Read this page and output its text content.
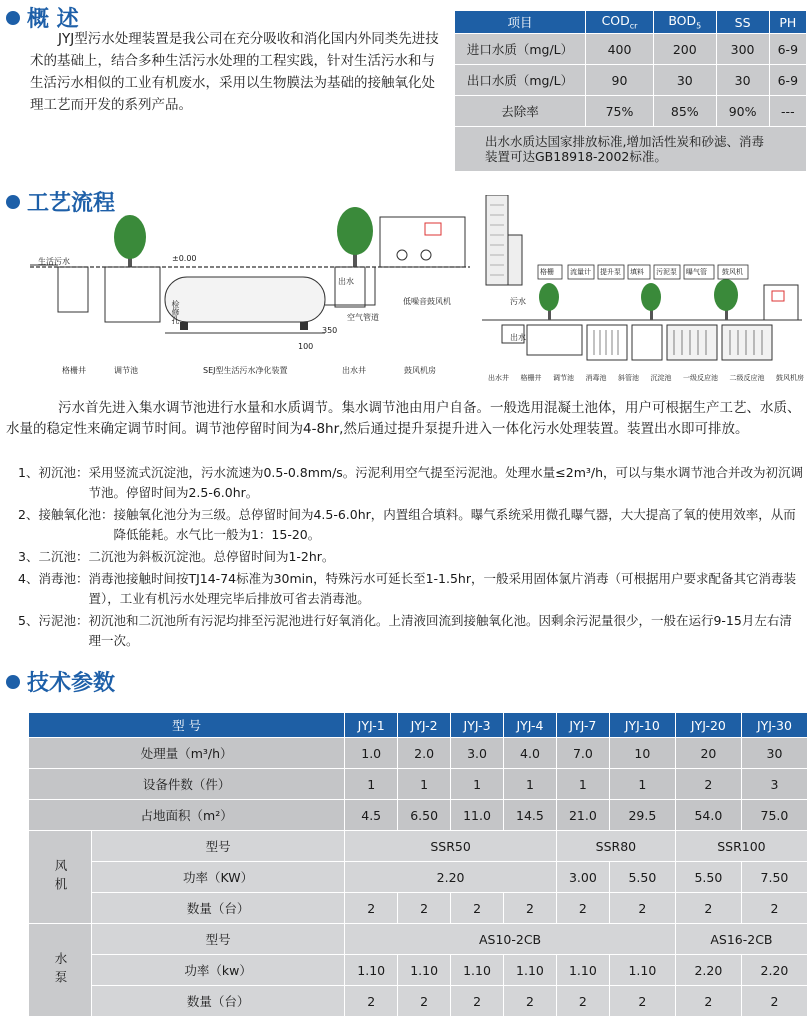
概 述
JYJ型污水处理装置是我公司在充分吸收和消化国内外同类先进技术的基础上，结合多种生活污水处理的工程实践，针对生活污水和与生活污水相似的工业有机废水，采用以生物膜法为基础的接触氧化处理工艺而开发的系列产品。
项目	$COD_{cr}$	$BOD_5$	SS	PH
进口水质（mg/L）	400	200	300	6-9
出口水质（mg/L）	90	30	30	6-9
去除率	75%	85%	90%	---
出水水质达国家排放标准,增加活性炭和砂滤、消毒装置可达GB18918-2002标准。				
工艺流程
生活污水	±0.00
出水
空气管道
低噪音鼓风机
检修孔
350
100
格栅井	调节池	SEJ型生活污水净化装置	出水井	鼓风机房
格栅 流量计 提升泵 填料 污泥泵 曝气管 鼓风机
污水
出水
出水井 格栅井 调节池 消毒池 斜管池 沉淀池 一级反应池 二级反应池 鼓风机房
污水首先进入集水调节池进行水量和水质调节。集水调节池由用户自备。一般选用混凝土池体，用户可根据生产工艺、水质、水量的稳定性来确定调节时间。调节池停留时间为4-8hr,然后通过提升泵提升进入一体化污水处理装置。装置出水即可排放。
1、初沉池： 采用竖流式沉淀池，污水流速为0.5-0.8mm/s。污泥利用空气提至污泥池。处理水量≤2m³/h，可以与集水调节池合并改为初沉调节池。停留时间为2.5-6.0hr。
2、接触氧化池： 接触氧化池分为三级。总停留时间为4.5-6.0hr，内置组合填料。曝气系统采用微孔曝气器，大大提高了氧的使用效率，从而降低能耗。水气比一般为1：15-20。
3、二沉池： 二沉池为斜板沉淀池。总停留时间为1-2hr。
4、消毒池： 消毒池接触时间按TJ14-74标准为30min，特殊污水可延长至1-1.5hr，一般采用固体氯片消毒（可根据用户要求配备其它消毒装置），工业有机污水处理完毕后排放可省去消毒池。
5、污泥池： 初沉池和二沉池所有污泥均排至污泥池进行好氧消化。上清液回流到接触氧化池。因剩余污泥量很少，一般在运行9-15月左右清理一次。
技术参数
型 号		JYJ-1	JYJ-2	JYJ-3	JYJ-4	JYJ-7	JYJ-10	JYJ-20	JYJ-30
处理量（m³/h）		1.0	2.0	3.0	4.0	7.0	10	20	30
设备件数（件）		1	1	1	1	1	1	2	3
占地面积（m²）		4.5	6.50	11.0	14.5	21.0	29.5	54.0	75.0
风机	型号	SSR50				SSR80		SSR100	
	功率（KW）	2.20				3.00	5.50	5.50	7.50
	数量（台）	2	2	2	2	2	2	2	2
水泵	型号	AS10-2CB						AS16-2CB	
	功率（kw）	1.10	1.10	1.10	1.10	1.10	1.10	2.20	2.20
	数量（台）	2	2	2	2	2	2	2	2
